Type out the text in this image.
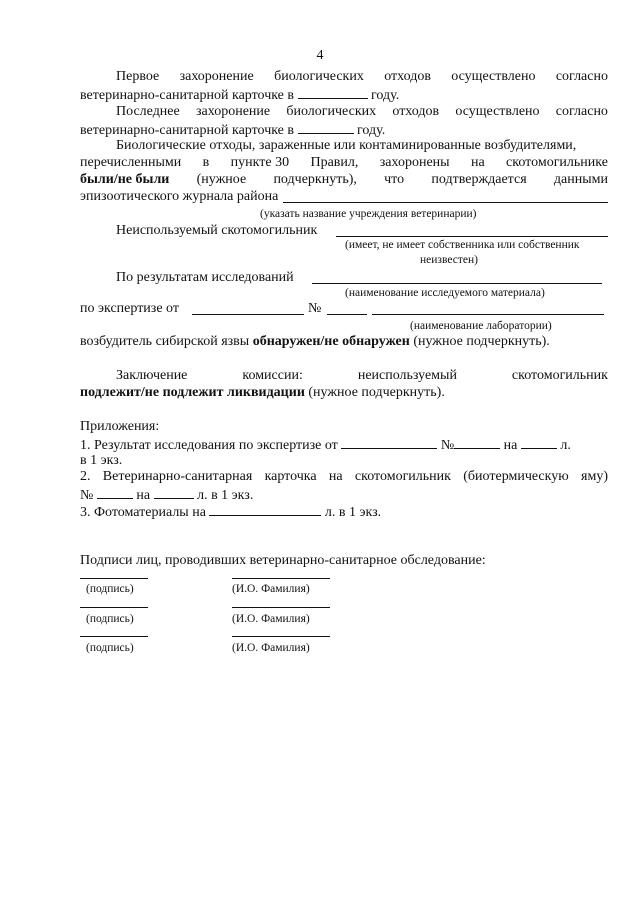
4
Первое захоронение биологических отходов осуществлено согласно
ветеринарно-санитарной карточке в	году.
Последнее захоронение биологических отходов осуществлено согласно
ветеринарно-санитарной карточке в	году.
Биологические отходы, зараженные или контаминированные возбудителями,
перечисленными в пункте 30 Правил, захоронены на скотомогильнике
были/не были (нужное подчеркнуть), что подтверждается данными
эпизоотического журнала района
(указать название учреждения ветеринарии)
Неиспользуемый скотомогильник
(имеет, не имеет собственника или собственник
неизвестен)
По результатам исследований
(наименование исследуемого материала)
по экспертизе от	№
(наименование лаборатории)
возбудитель сибирской язвы обнаружен/не обнаружен (нужное подчеркнуть).
Заключение	комиссии:	неиспользуемый	скотомогильник
подлежит/не подлежит ликвидации (нужное подчеркнуть).
Приложения:
1. Результат исследования по экспертизе от	№	на	л.
в 1 экз.
2. Ветеринарно-санитарная карточка на скотомогильник (биотермическую яму)
№	на	л. в 1 экз.
3. Фотоматериалы на	л. в 1 экз.
Подписи лиц, проводивших ветеринарно-санитарное обследование:
(подпись)	(И.О. Фамилия)
(подпись)	(И.О. Фамилия)
(подпись)	(И.О. Фамилия)
